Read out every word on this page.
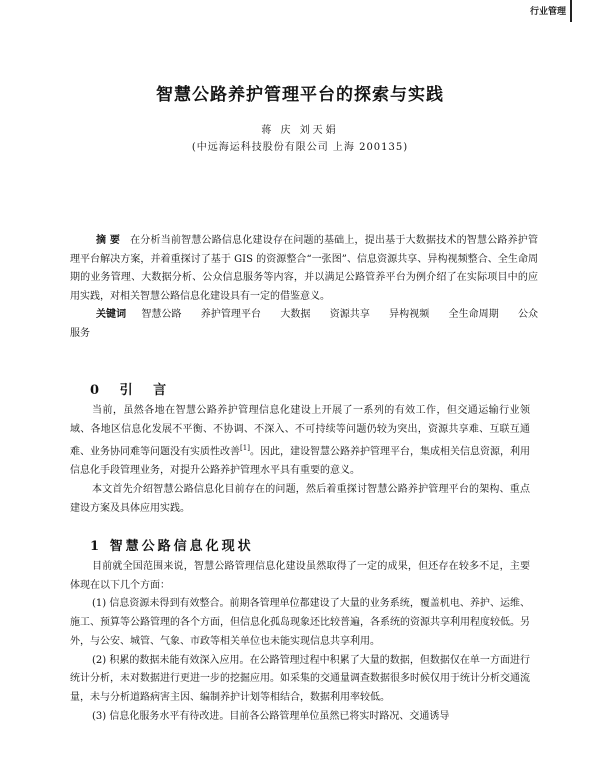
行业管理
智慧公路养护管理平台的探索与实践
蒋 庆 刘天娟
(中远海运科技股份有限公司 上海 200135)

摘 要 在分析当前智慧公路信息化建设存在问题的基础上，提出基于大数据技术的智慧公路养护管理平台解决方案，并着重探讨了基于 GIS 的资源整合“一张图”、信息资源共享、异构视频整合、全生命周期的业务管理、大数据分析、公众信息服务等内容，并以满足公路管养平台为例介绍了在实际项目中的应用实践，对相关智慧公路信息化建设具有一定的借鉴意义。

关键词 智慧公路 养护管理平台 大数据 资源共享 异构视频 全生命周期 公众服务

0 引 言

当前，虽然各地在智慧公路养护管理信息化建设上开展了一系列的有效工作，但交通运输行业领域、各地区信息化发展不平衡、不协调、不深入、不可持续等问题仍较为突出，资源共享难、互联互通难、业务协同难等问题没有实质性改善[1]。因此，建设智慧公路养护管理平台，集成相关信息资源，利用信息化手段管理业务，对提升公路养护管理水平具有重要的意义。

本文首先介绍智慧公路信息化目前存在的问题，然后着重探讨智慧公路养护管理平台的架构、重点建设方案及具体应用实践。

1 智慧公路信息化现状

目前就全国范围来说，智慧公路管理信息化建设虽然取得了一定的成果，但还存在较多不足，主要体现在以下几个方面：

(1) 信息资源未得到有效整合。前期各管理单位都建设了大量的业务系统，覆盖机电、养护、运维、施工、预算等公路管理的各个方面，但信息化孤岛现象还比较普遍，各系统的资源共享利用程度较低。另外，与公安、城管、气象、市政等相关单位也未能实现信息共享利用。

(2) 积累的数据未能有效深入应用。在公路管理过程中积累了大量的数据，但数据仅在单一方面进行统计分析，未对数据进行更进一步的挖掘应用。如采集的交通量调查数据很多时候仅用于统计分析交通流量，未与分析道路病害主因、编制养护计划等相结合，数据利用率较低。

(3) 信息化服务水平有待改进。目前各公路管理单位虽然已将实时路况、交通诱导
